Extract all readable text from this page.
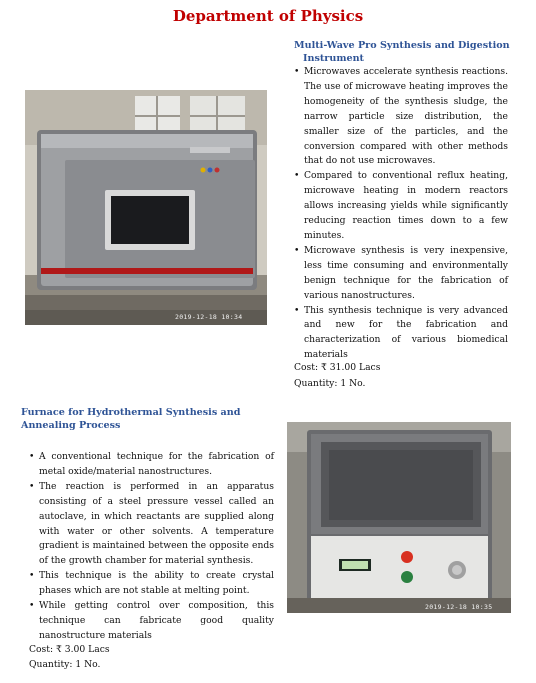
Department of Physics
Multi-Wave Pro Synthesis and Digestion
Instrument
• Microwaves accelerate synthesis reactions. The use of microwave heating improves the homogeneity of the synthesis sludge, the narrow particle size distribution, the smaller size of the particles, and the conversion compared with other methods that do not use microwaves.
• Compared to conventional reflux heating, microwave heating in modern reactors allows increasing yields while significantly reducing reaction times down to a few minutes.
• Microwave synthesis is very inexpensive, less time consuming and environmentally benign technique for the fabrication of various nanostructures.
• This synthesis technique is very advanced and new for the fabrication and characterization of various biomedical materials
Cost: ₹ 31.00 Lacs
Quantity: 1 No.
2019-12-18 10:34
Furnace for Hydrothermal Synthesis and
Annealing Process
• A conventional technique for the fabrication of metal oxide/material nanostructures.
• The reaction is performed in an apparatus consisting of a steel pressure vessel called an autoclave, in which reactants are supplied along with water or other solvents. A temperature gradient is maintained between the opposite ends of the growth chamber for material synthesis.
• This technique is the ability to create crystal phases which are not stable at melting point.
• While getting control over composition, this technique can fabricate good quality nanostructure materials
Cost: ₹ 3.00 Lacs
Quantity: 1 No.
2019-12-18 10:35
